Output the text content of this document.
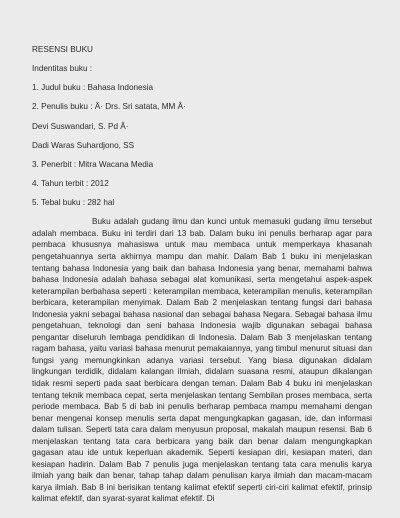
RESENSI BUKU

Indentitas buku :

1. Judul buku : Bahasa Indonesia

2. Penulis buku : Â· Drs. Sri satata, MM Â·

Devi Suswandari, S. Pd Â·

Dadi Waras Suhardjono, SS

3. Penerbit : Mitra Wacana Media

4. Tahun terbit : 2012

5. Tebal buku : 282 hal

Buku adalah gudang ilmu dan kunci untuk memasuki gudang ilmu tersebut adalah membaca. Buku ini terdiri dari 13 bab. Dalam buku ini penulis berharap agar para pembaca khususnya mahasiswa untuk mau membaca untuk memperkaya khasanah pengetahuannya serta akhirnya mampu dan mahir. Dalam Bab 1 buku ini menjelaskan tentang bahasa Indonesia yang baik dan bahasa Indonesia yang benar, memahami bahwa bahasa Indonesia adalah bahasa sebagai alat komunikasi, serta mengetahui aspek-aspek keterampilan berbahasa seperti : keterampilan membaca, keterampilan menulis, keterampilan berbicara, keterampilan menyimak. Dalam Bab 2 menjelaskan tentang fungsi dari bahasa Indonesia yakni sebagai bahasa nasional dan sebagai bahasa Negara. Sebagai bahasa ilmu pengetahuan, teknologi dan seni bahasa Indonesia wajib digunakan sebagai bahasa pengantar diseluruh lembaga pendidikan di Indonesia. Dalam Bab 3 menjelaskan tentang ragam bahasa, yaitu variasi bahasa menurut pemakaiannya, yang timbul menurut situasi dan fungsi yang memungkinkan adanya variasi tersebut. Yang biasa digunakan didalam lingkungan terdidik, didalam kalangan ilmiah, didalam suasana resmi, ataupun dikalangan tidak resmi seperti pada saat berbicara dengan teman. Dalam Bab 4 buku ini menjelaskan tentang teknik membaca cepat, serta menjelaskan tentang Sembilan proses membaca, serta periode membaca. Bab 5 di bab ini penulis berharap pembaca mampu memahami dengan benar mengenai konsep menulis serta dapat mengungkapkan gagasan, ide, dan informasi dalam tulisan. Seperti tata cara dalam menyusun proposal, makalah maupun resensi. Bab 6 menjelaskan tentang tata cara berbicara yang baik dan benar dalam mengungkapkan gagasan atau ide untuk keperluan akademik. Seperti kesiapan diri, kesiapan materi, dan kesiapan hadirin. Dalam Bab 7 penulis juga menjelaskan tentang tata cara menulis karya ilmiah yang baik dan benar, tahap tahap dalam penulisan karya ilmiah dan macam-macam karya ilmiah. Bab 8 ini berisikan tentang kalimat efektif seperti ciri-ciri kalimat efektif, prinsip kalimat efektif, dan syarat-syarat kalimat efektif. Di
